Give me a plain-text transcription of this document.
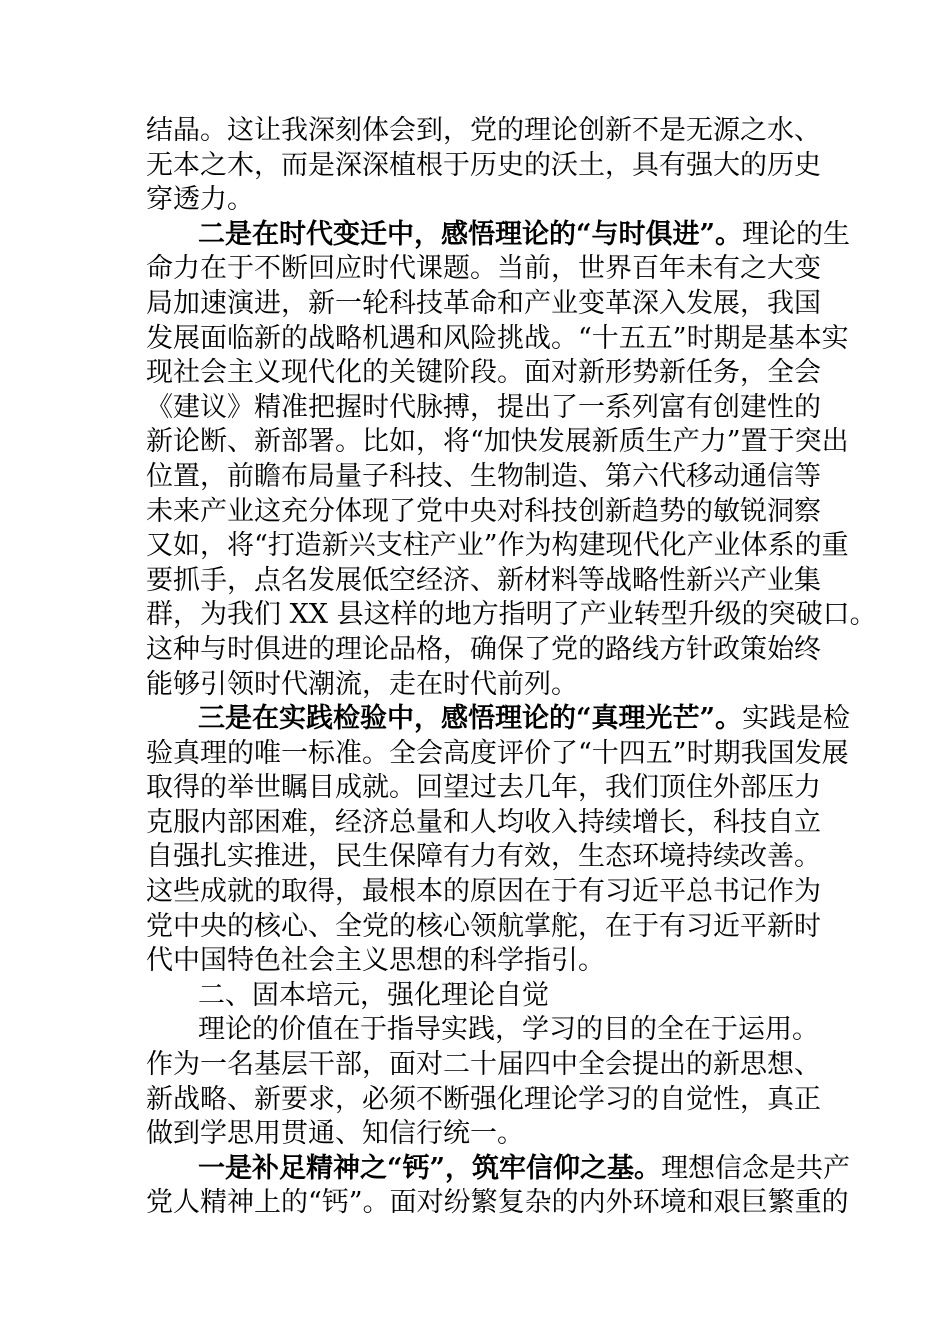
结晶。这让我深刻体会到，党的理论创新不是无源之水、
无本之木，而是深深植根于历史的沃土，具有强大的历史
穿透力。
二是在时代变迁中，感悟理论的“与时俱进”。理论的生
命力在于不断回应时代课题。当前，世界百年未有之大变
局加速演进，新一轮科技革命和产业变革深入发展，我国
发展面临新的战略机遇和风险挑战。“十五五”时期是基本实
现社会主义现代化的关键阶段。面对新形势新任务，全会
《建议》精准把握时代脉搏，提出了一系列富有创建性的
新论断、新部署。比如，将“加快发展新质生产力”置于突出
位置，前瞻布局量子科技、生物制造、第六代移动通信等
未来产业这充分体现了党中央对科技创新趋势的敏锐洞察
又如，将“打造新兴支柱产业”作为构建现代化产业体系的重
要抓手，点名发展低空经济、新材料等战略性新兴产业集
群，为我们 XX 县这样的地方指明了产业转型升级的突破口。
这种与时俱进的理论品格，确保了党的路线方针政策始终
能够引领时代潮流，走在时代前列。
三是在实践检验中，感悟理论的“真理光芒”。实践是检
验真理的唯一标准。全会高度评价了“十四五”时期我国发展
取得的举世瞩目成就。回望过去几年，我们顶住外部压力
克服内部困难，经济总量和人均收入持续增长，科技自立
自强扎实推进，民生保障有力有效，生态环境持续改善。
这些成就的取得，最根本的原因在于有习近平总书记作为
党中央的核心、全党的核心领航掌舵，在于有习近平新时
代中国特色社会主义思想的科学指引。
二、固本培元，强化理论自觉
理论的价值在于指导实践，学习的目的全在于运用。
作为一名基层干部，面对二十届四中全会提出的新思想、
新战略、新要求，必须不断强化理论学习的自觉性，真正
做到学思用贯通、知信行统一。
一是补足精神之“钙”，筑牢信仰之基。理想信念是共产
党人精神上的“钙”。面对纷繁复杂的内外环境和艰巨繁重的
